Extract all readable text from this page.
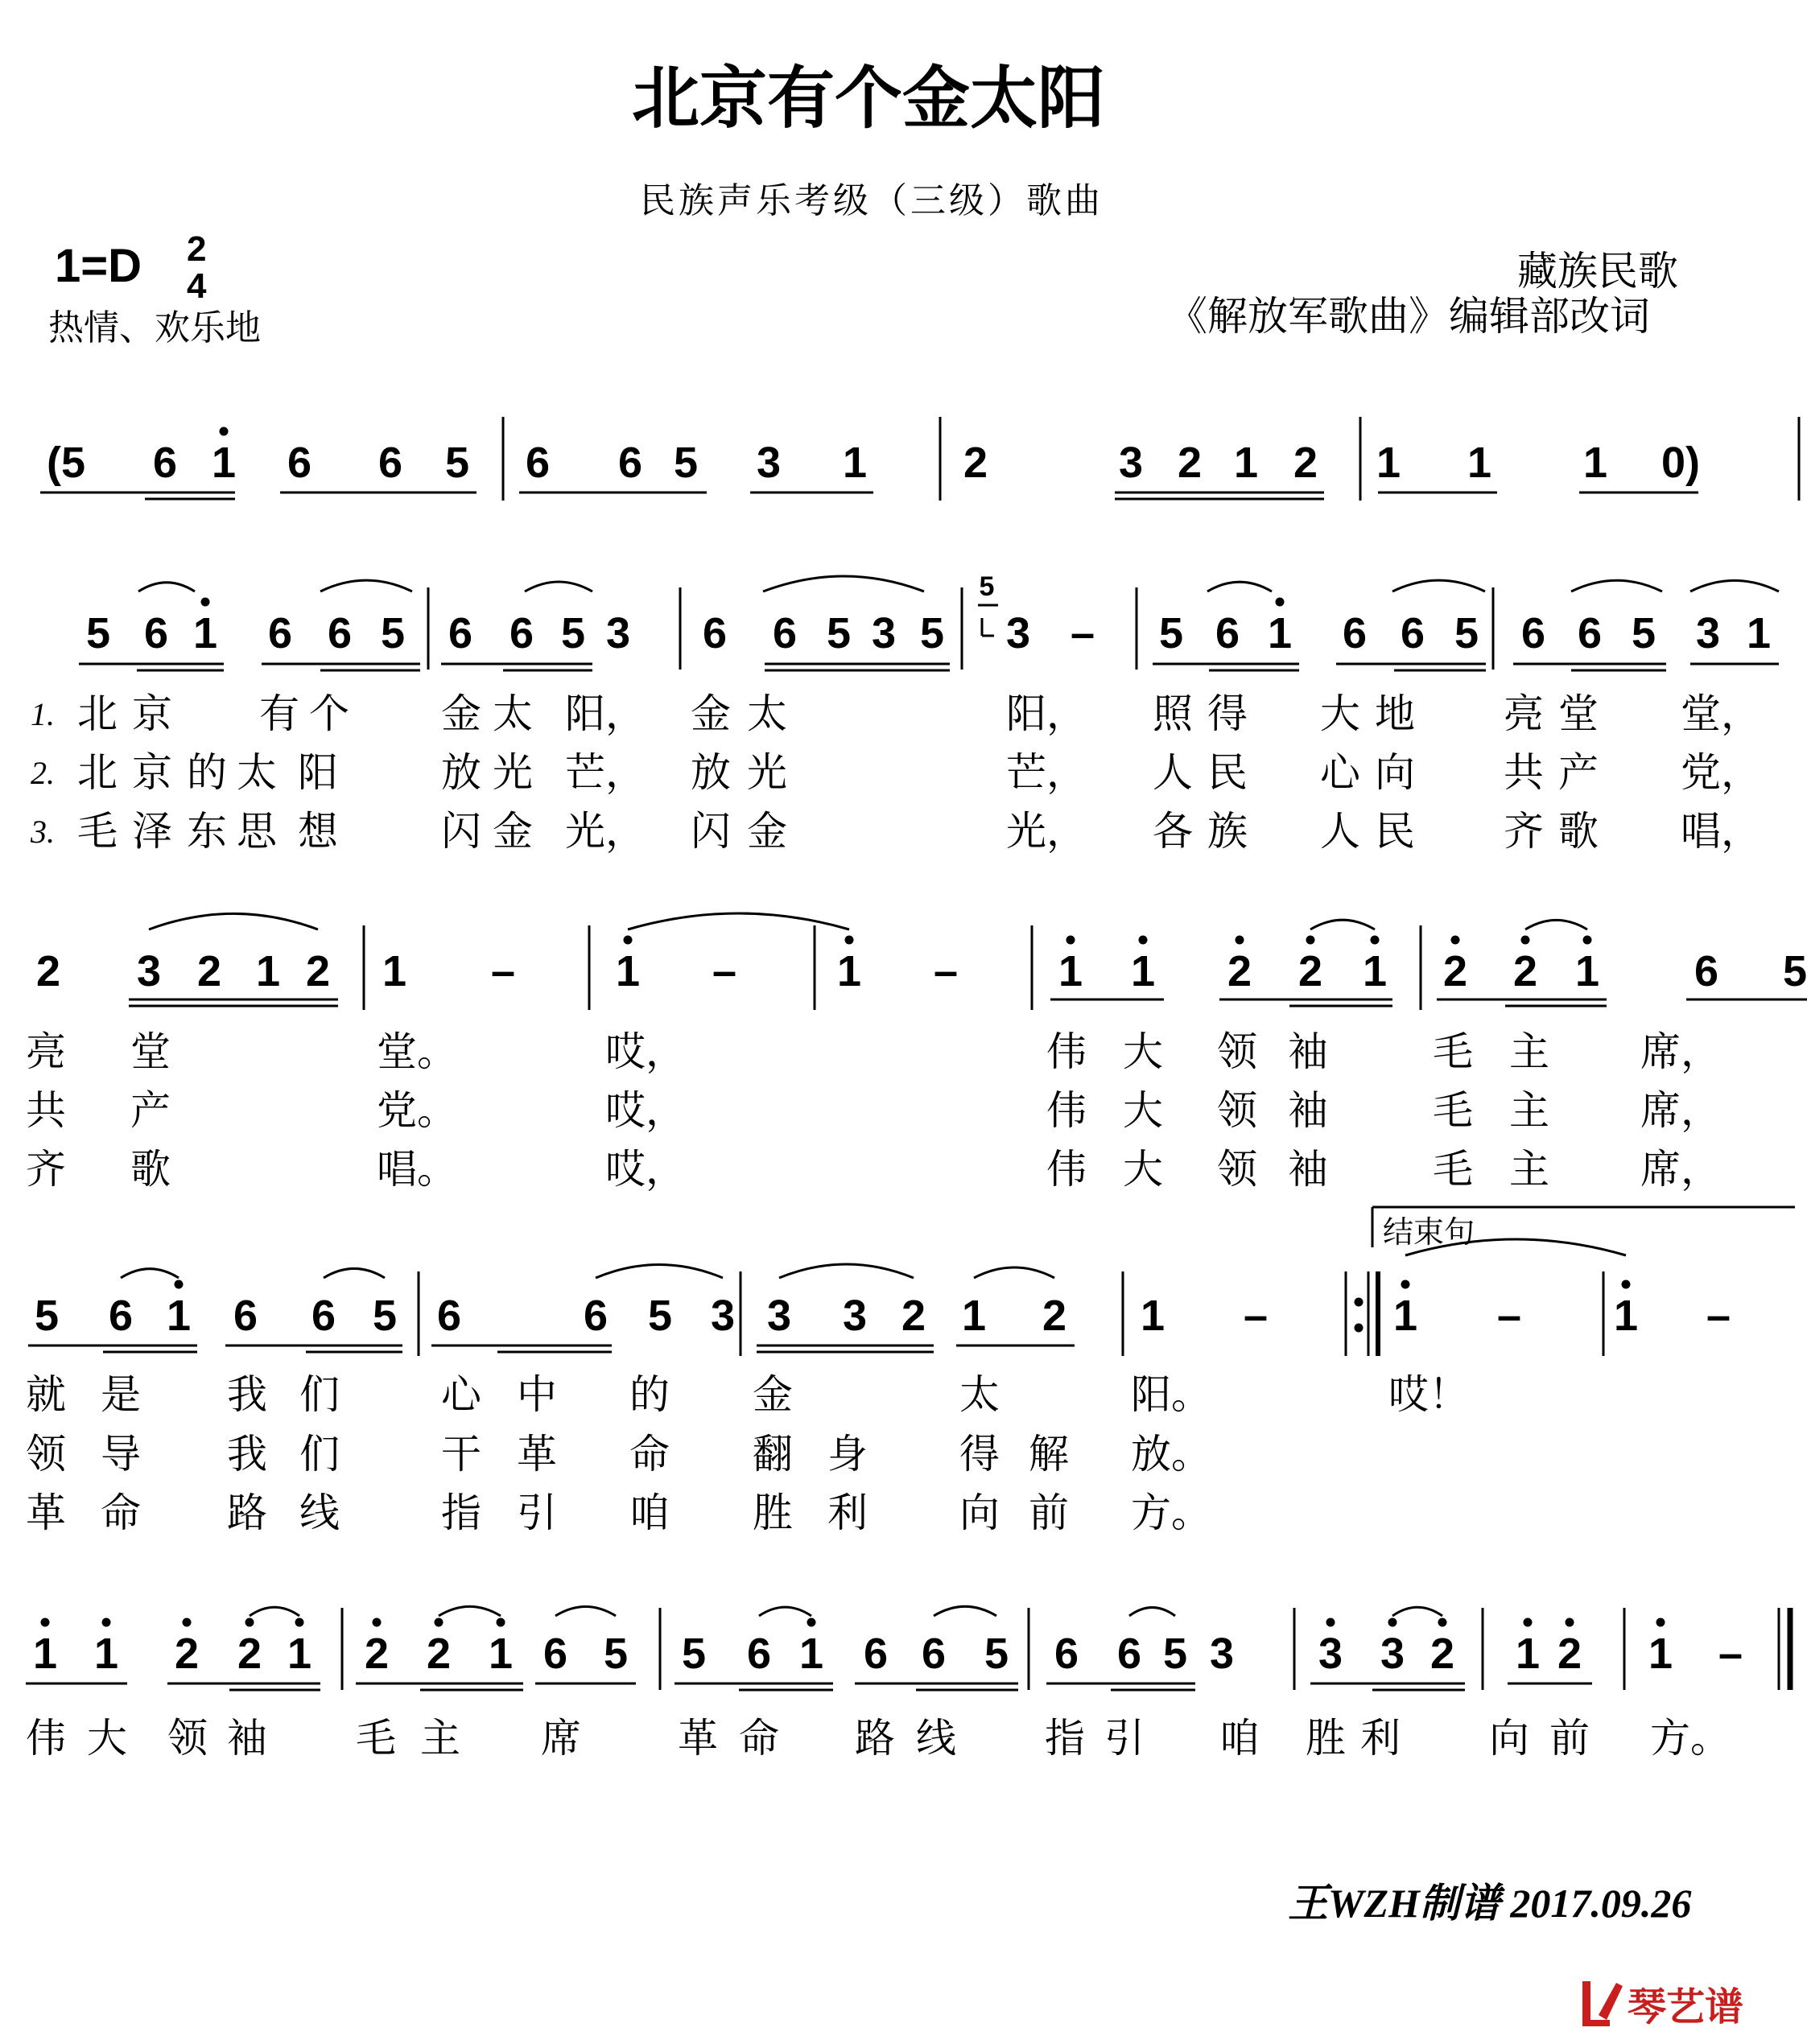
北京有个金太阳
民族声乐考级（三级）歌曲
1=D 2
4
热情、欢乐地
藏族民歌
《解放军歌曲》编辑部改词
(5 6 1 6 6 5 6 6 5 3 1 2	3 2 1 2 1 1 1 0)
5 6 1 6 6 5 6 6 5 3 6 6 5 3 5 3 – 5 6 1 6 6 5 6 6 5 3 1
5
2 3 2 1 2 1 – 1 – 1 – 1 1 2 2 1 2 2 1 6 5
5 6 1 6 6 5 6	6 5 3 3 3 2 1 2 1 –	1 – 1 –
结束句
1 1 2 2 1 2 2 1 6 5 5 6 1 6 6 5 6 6 5 3 3 3 2 1 2 1 –
1.
2.
3.
北 京 有 个 金 太 阳， 金 太	阳， 照 得 大 地 亮 堂 堂，
北 京 的 太 阳	放 光 芒， 放 光	芒， 人 民 心 向 共 产 党，
毛 泽 东 思 想	闪 金 光， 闪 金	光， 各 族 人 民 齐 歌 唱，
亮 堂	堂。	哎，	伟 大 领 袖	毛 主 席，
共 产	党。	哎，	伟 大 领 袖	毛 主 席，
齐 歌	唱。	哎，	伟 大 领 袖	毛 主 席，
就 是 我 们	心 中 的 金	太	阳。	哎！
领 导 我 们	干 革 命 翻 身 得 解 放。
革 命 路 线	指 引 咱 胜 利 向 前 方。
伟 大 领 袖 毛 主 席 革 命 路 线 指 引 咱 胜 利 向 前 方。
王WZH制谱 2017.09.26
琴艺谱
